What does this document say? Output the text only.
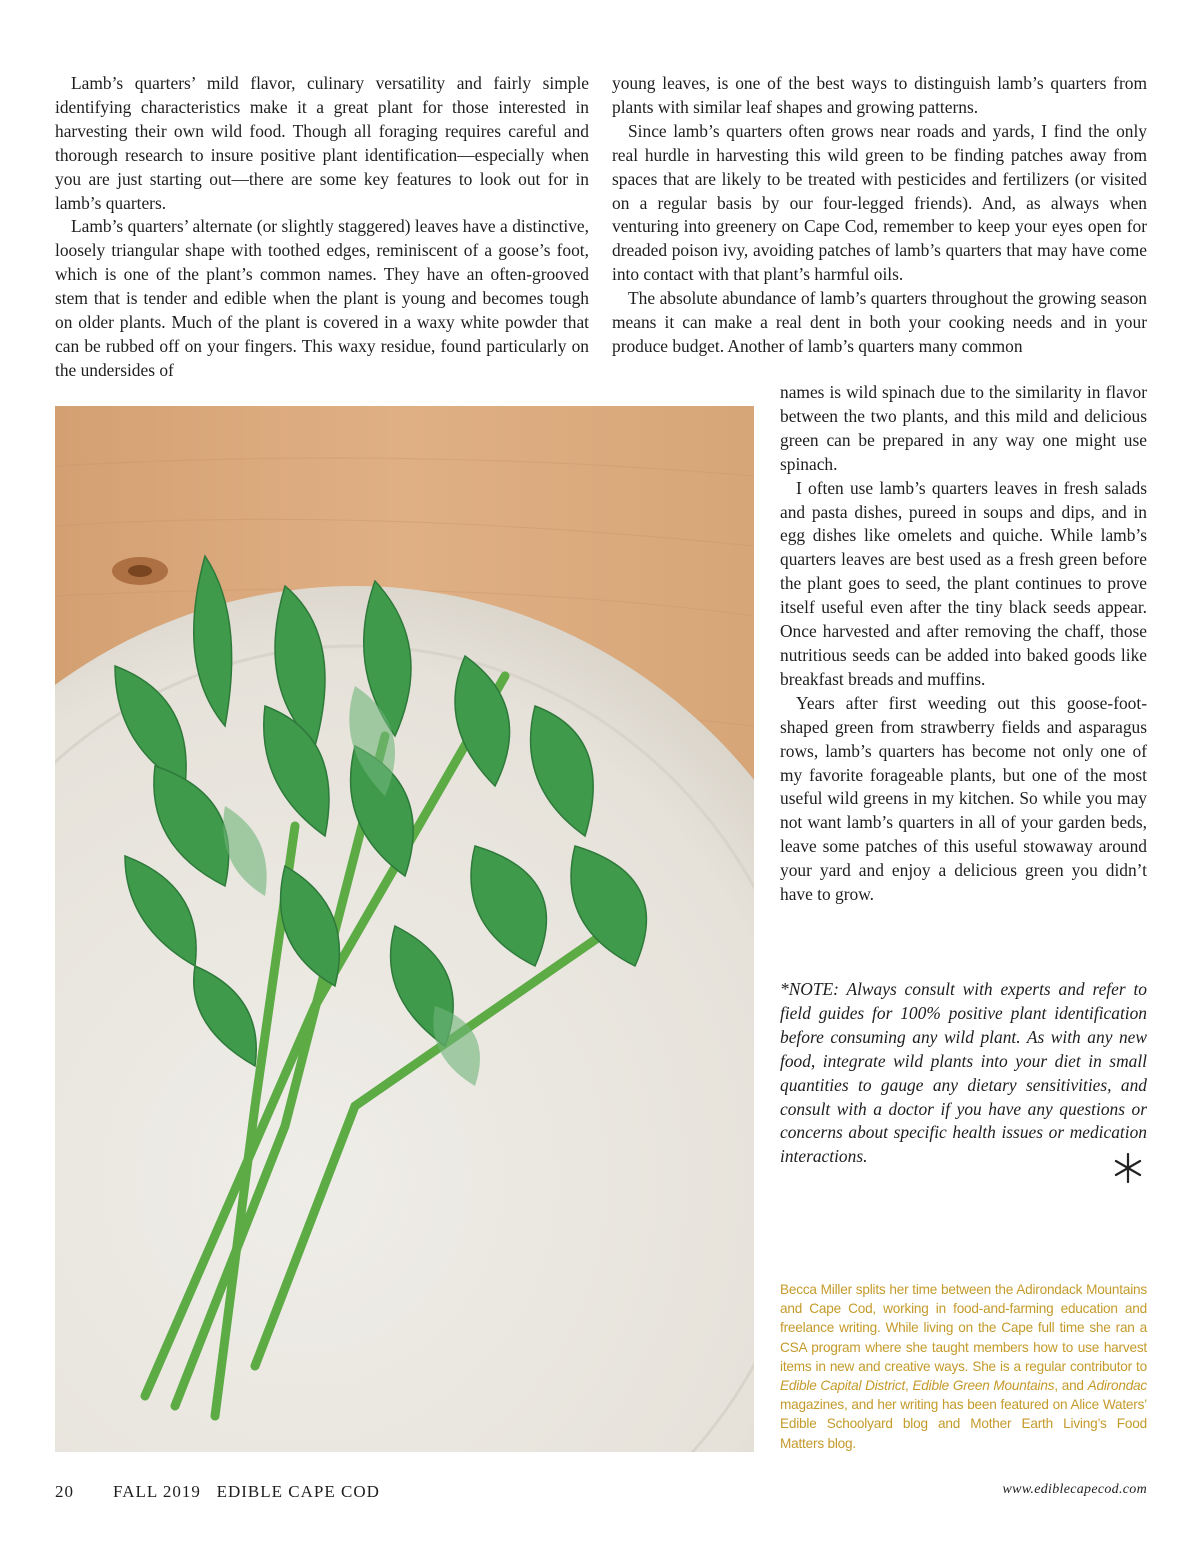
Lamb’s quarters’ mild flavor, culinary versatility and fairly simple identifying characteristics make it a great plant for those interested in harvesting their own wild food. Though all foraging requires careful and thorough research to insure positive plant identification—especially when you are just starting out—there are some key features to look out for in lamb’s quarters.

Lamb’s quarters’ alternate (or slightly staggered) leaves have a distinctive, loosely triangular shape with toothed edges, reminiscent of a goose’s foot, which is one of the plant’s common names. They have an often-grooved stem that is tender and edible when the plant is young and becomes tough on older plants. Much of the plant is covered in a waxy white powder that can be rubbed off on your fingers. This waxy residue, found particularly on the undersides of

young leaves, is one of the best ways to distinguish lamb’s quarters from plants with similar leaf shapes and growing patterns.

Since lamb’s quarters often grows near roads and yards, I find the only real hurdle in harvesting this wild green to be finding patches away from spaces that are likely to be treated with pesticides and fertilizers (or visited on a regular basis by our four-legged friends). And, as always when venturing into greenery on Cape Cod, remember to keep your eyes open for dreaded poison ivy, avoiding patches of lamb’s quarters that may have come into contact with that plant’s harmful oils.

The absolute abundance of lamb’s quarters throughout the growing season means it can make a real dent in both your cooking needs and in your produce budget. Another of lamb’s quarters many common

names is wild spinach due to the similarity in flavor between the two plants, and this mild and delicious green can be prepared in any way one might use spinach.

I often use lamb’s quarters leaves in fresh salads and pasta dishes, pureed in soups and dips, and in egg dishes like omelets and quiche. While lamb’s quarters leaves are best used as a fresh green before the plant goes to seed, the plant continues to prove itself useful even after the tiny black seeds appear. Once harvested and after removing the chaff, those nutritious seeds can be added into baked goods like breakfast breads and muffins.

Years after first weeding out this goose-foot-shaped green from strawberry fields and asparagus rows, lamb’s quarters has become not only one of my favorite forageable plants, but one of the most useful wild greens in my kitchen. So while you may not want lamb’s quarters in all of your garden beds, leave some patches of this useful stowaway around your yard and enjoy a delicious green you didn’t have to grow.

*NOTE: Always consult with experts and refer to field guides for 100% positive plant identification before consuming any wild plant. As with any new food, integrate wild plants into your diet in small quantities to gauge any dietary sensitivities, and consult with a doctor if you have any questions or concerns about specific health issues or medication interactions.
Becca Miller splits her time between the Adirondack Mountains and Cape Cod, working in food-and-farming education and freelance writing. While living on the Cape full time she ran a CSA program where she taught members how to use harvest items in new and creative ways. She is a regular contributor to Edible Capital District, Edible Green Mountains, and Adirondac magazines, and her writing has been featured on Alice Waters’ Edible Schoolyard blog and Mother Earth Living’s Food Matters blog.
20 FALL 2019   EDIBLE CAPE COD	www.ediblecapecod.com
